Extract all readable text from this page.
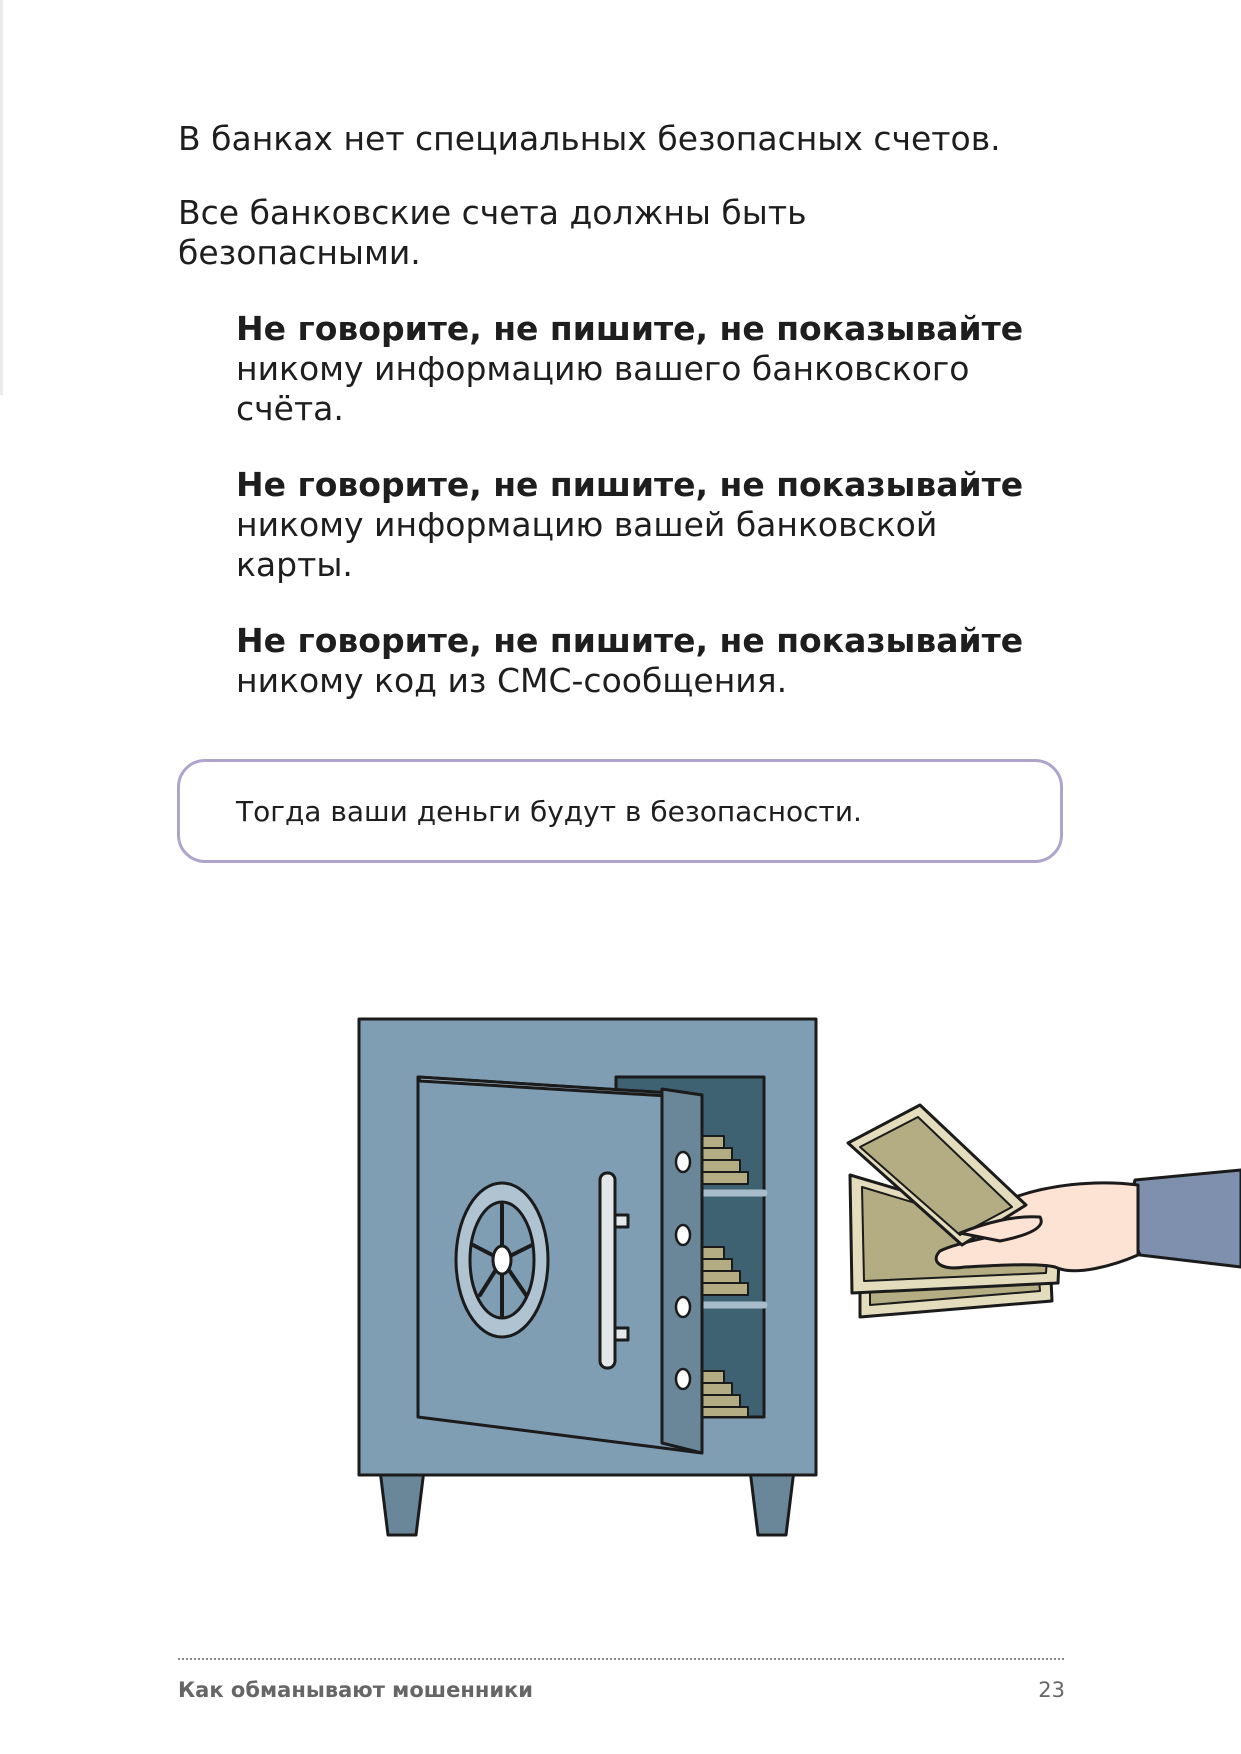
В банках нет специальных безопасных счетов.

Все банковские счета должны быть безопасными.

Не говорите, не пишите, не показывайте
никому информацию вашего банковского счёта.
Не говорите, не пишите, не показывайте
никому информацию вашей банковской карты.
Не говорите, не пишите, не показывайте
никому код из СМС-сообщения.

Тогда ваши деньги будут в безопасности.

Как обманывают мошенники	23
